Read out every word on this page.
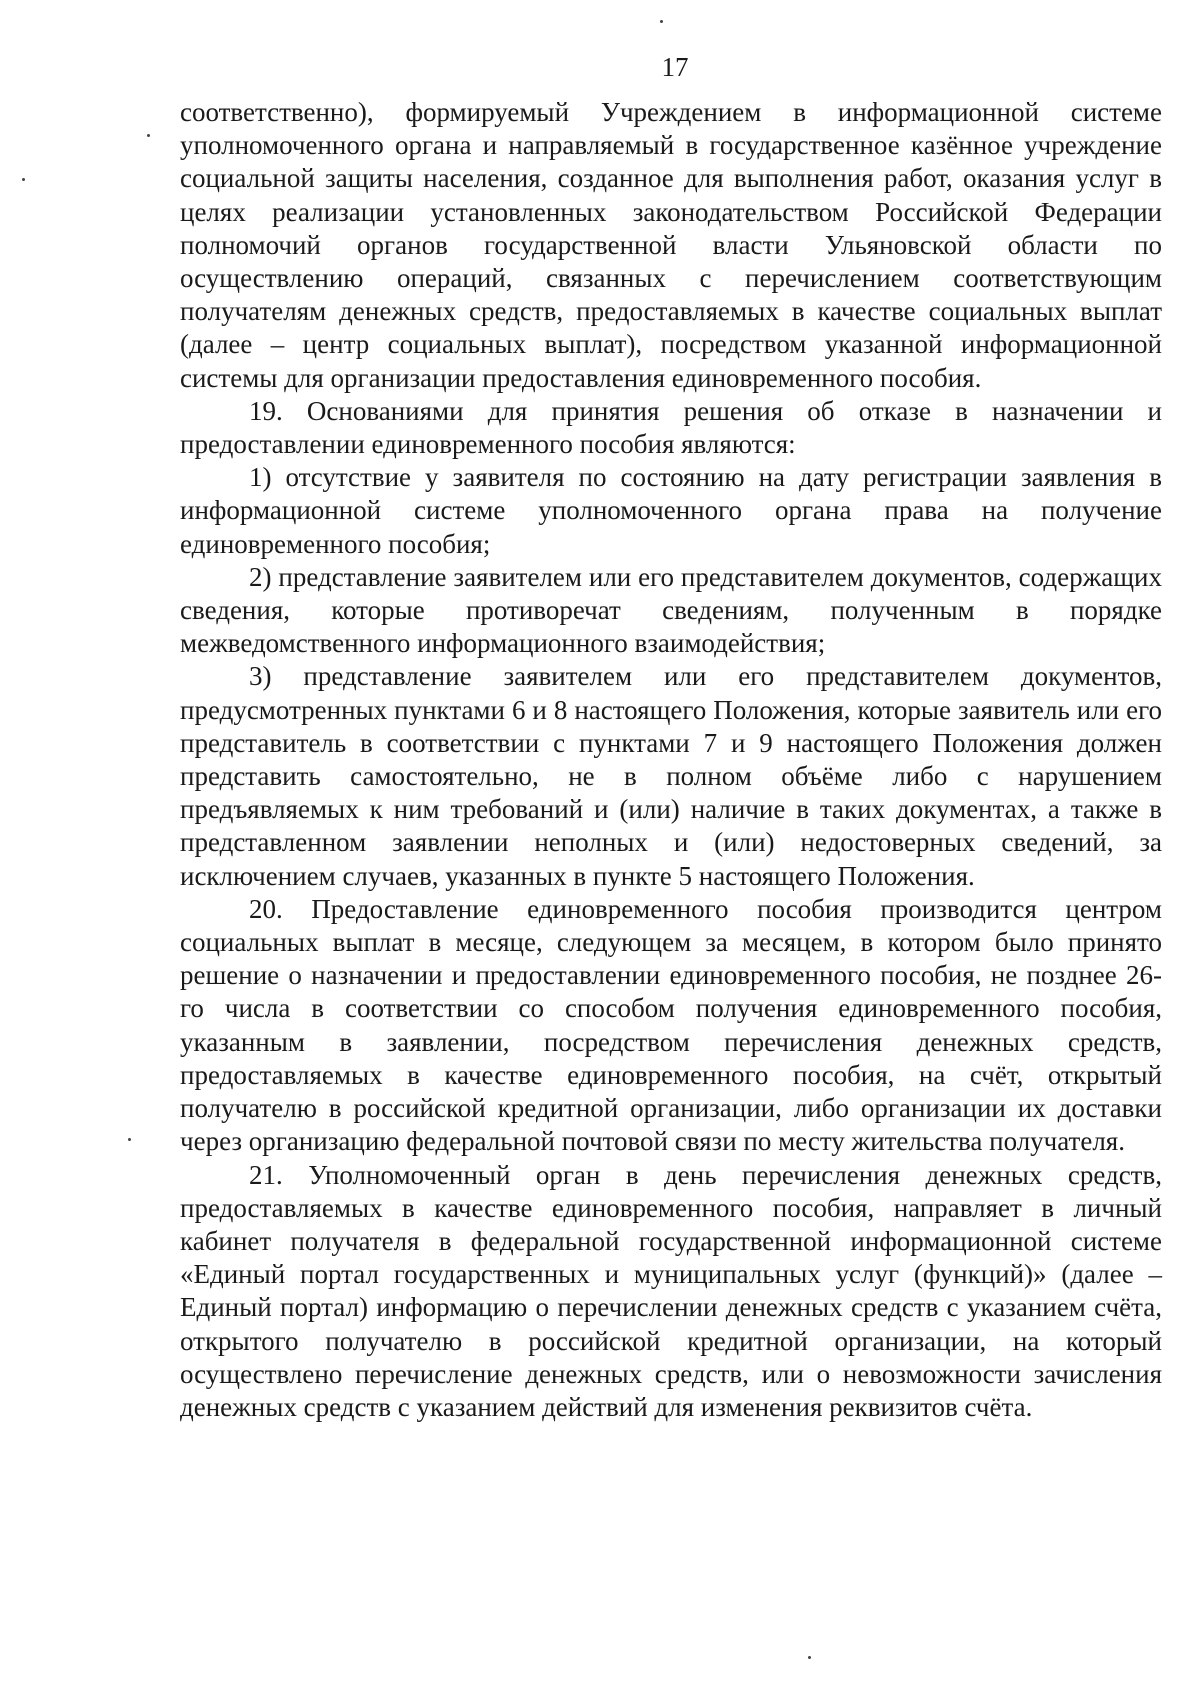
17

соответственно), формируемый Учреждением в информационной системе уполномоченного органа и направляемый в государственное казённое учреждение социальной защиты населения, созданное для выполнения работ, оказания услуг в целях реализации установленных законодательством Российской Федерации полномочий органов государственной власти Ульяновской области по осуществлению операций, связанных с перечислением соответствующим получателям денежных средств, предоставляемых в качестве социальных выплат (далее – центр социальных выплат), посредством указанной информационной системы для организации предоставления единовременного пособия.

19. Основаниями для принятия решения об отказе в назначении и предоставлении единовременного пособия являются:

1) отсутствие у заявителя по состоянию на дату регистрации заявления в информационной системе уполномоченного органа права на получение единовременного пособия;

2) представление заявителем или его представителем документов, содержащих сведения, которые противоречат сведениям, полученным в порядке межведомственного информационного взаимодействия;

3) представление заявителем или его представителем документов, предусмотренных пунктами 6 и 8 настоящего Положения, которые заявитель или его представитель в соответствии с пунктами 7 и 9 настоящего Положения должен представить самостоятельно, не в полном объёме либо с нарушением предъявляемых к ним требований и (или) наличие в таких документах, а также в представленном заявлении неполных и (или) недостоверных сведений, за исключением случаев, указанных в пункте 5 настоящего Положения.

20. Предоставление единовременного пособия производится центром социальных выплат в месяце, следующем за месяцем, в котором было принято решение о назначении и предоставлении единовременного пособия, не позднее 26-го числа в соответствии со способом получения единовременного пособия, указанным в заявлении, посредством перечисления денежных средств, предоставляемых в качестве единовременного пособия, на счёт, открытый получателю в российской кредитной организации, либо организации их доставки через организацию федеральной почтовой связи по месту жительства получателя.

21. Уполномоченный орган в день перечисления денежных средств, предоставляемых в качестве единовременного пособия, направляет в личный кабинет получателя в федеральной государственной информационной системе «Единый портал государственных и муниципальных услуг (функций)» (далее – Единый портал) информацию о перечислении денежных средств с указанием счёта, открытого получателю в российской кредитной организации, на который осуществлено перечисление денежных средств, или о невозможности зачисления денежных средств с указанием действий для изменения реквизитов счёта.
